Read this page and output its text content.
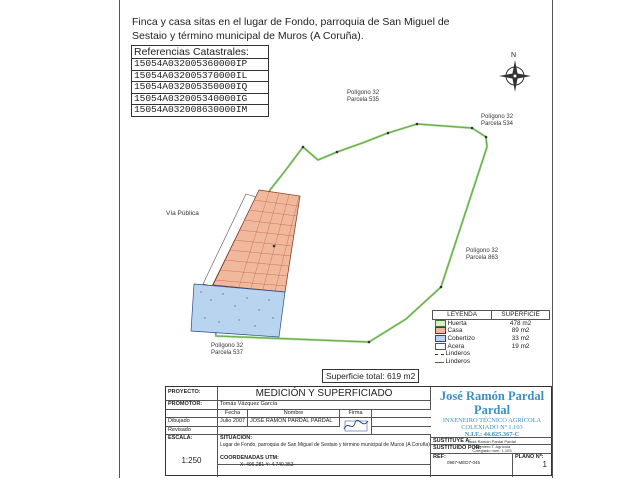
Finca y casa sitas en el lugar de Fondo, parroquia de San Miguel de
Sestaio y término municipal de Muros (A Coruña).
Referencias Catastrales:
15054A032005360000IP
15054A032005370000IL
15054A032005350000IQ
15054A032005340000IG
15054A032008630000IM
N
Polígono 32
Parcela 535
Polígono 32
Parcela 534
Polígono 32
Parcela 863
Polígono 32
Parcela 537
Vía Pública
Superficie total: 619 m2
LEYENDA	SUPERFICIE
Huerta	478 m2
Casa	89 m2
Cobertizo	33 m2
Acera	19 m2
Linderos	
Linderos	
PROYECTO:	MEDICIÓN Y SUPERFICIADO
PROMOTOR:	Tomás Vázquez García
Fecha	Nombre	Firma
Dibujado	Julio 2007 JOSÉ RAMÓN PARDAL PARDAL
Revisado
ESCALA:
1:250
SITUACION:
Lugar de Fondo, parroquia de San Miguel de Sestaio y término municipal de Muros (A Coruña)
COORDENADAS UTM:
X: 496.281 Y: 4.740.353
José Ramón Pardal Pardal
INXENEIRO TÉCNICO AGRÍCOLA
COLEXIADO Nº 1.103
N.I.F.: 44.825.367-C
José Ramón Pardal Pardal
Ingeniero T. Agrícola
Colegiado núm. 1.103
SUSTITUYE A:
SUSTITUIDO POR:
REF:
0987-MED7-045
PLANO Nº:
1
